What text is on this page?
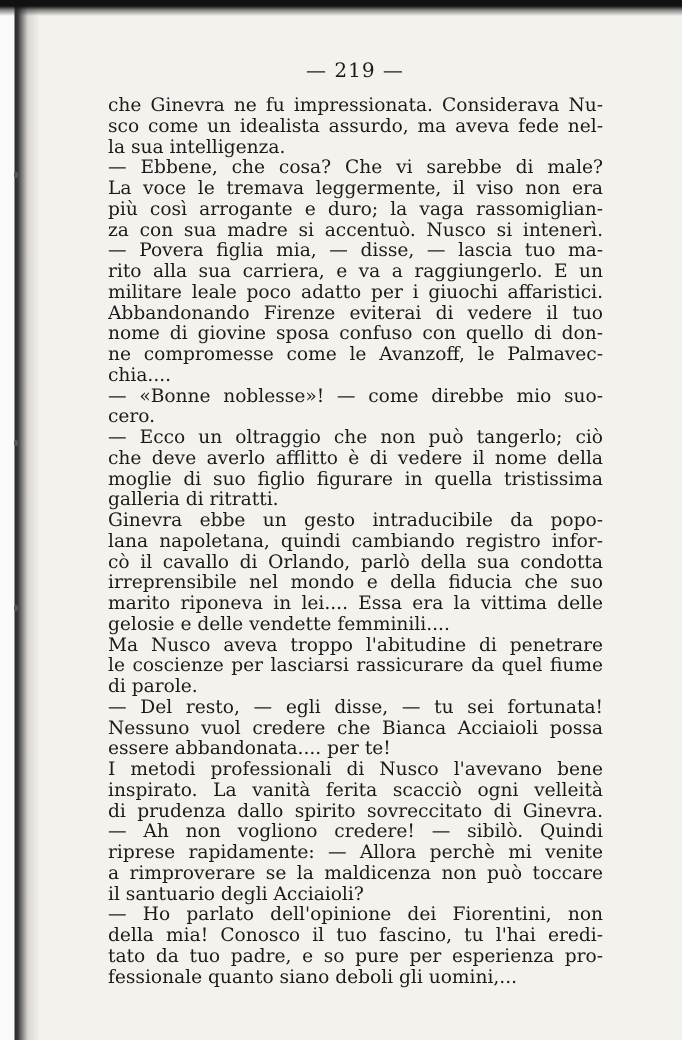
— 219 —
che Ginevra ne fu impressionata. Considerava Nu-
sco come un idealista assurdo, ma aveva fede nel-
la sua intelligenza.
— Ebbene, che cosa? Che vi sarebbe di male?
La voce le tremava leggermente, il viso non era
più così arrogante e duro; la vaga rassomiglian-
za con sua madre si accentuò. Nusco si intenerì.
— Povera figlia mia, — disse, — lascia tuo ma-
rito alla sua carriera, e va a raggiungerlo. È un
militare leale poco adatto per i giuochi affaristici.
Abbandonando Firenze eviterai di vedere il tuo
nome di giovine sposa confuso con quello di don-
ne compromesse come le Avanzoff, le Palmavec-
chia....
— «Bonne noblesse»! — come direbbe mio suo-
cero.
— Ecco un oltraggio che non può tangerlo; ciò
che deve averlo afflitto è di vedere il nome della
moglie di suo figlio figurare in quella tristissima
galleria di ritratti.
Ginevra ebbe un gesto intraducibile da popo-
lana napoletana, quindi cambiando registro infor-
cò il cavallo di Orlando, parlò della sua condotta
irreprensibile nel mondo e della fiducia che suo
marito riponeva in lei.... Essa era la vittima delle
gelosie e delle vendette femminili....
Ma Nusco aveva troppo l'abitudine di penetrare
le coscienze per lasciarsi rassicurare da quel fiume
di parole.
— Del resto, — egli disse, — tu sei fortunata!
Nessuno vuol credere che Bianca Acciaioli possa
essere abbandonata.... per te!
I metodi professionali di Nusco l'avevano bene
inspirato. La vanità ferita scacciò ogni velleità
di prudenza dallo spirito sovreccitato di Ginevra.
— Ah non vogliono credere! — sibilò. Quindi
riprese rapidamente: — Allora perchè mi venite
a rimproverare se la maldicenza non può toccare
il santuario degli Acciaioli?
— Ho parlato dell'opinione dei Fiorentini, non
della mia! Conosco il tuo fascino, tu l'hai eredi-
tato da tuo padre, e so pure per esperienza pro-
fessionale quanto siano deboli gli uomini,...
